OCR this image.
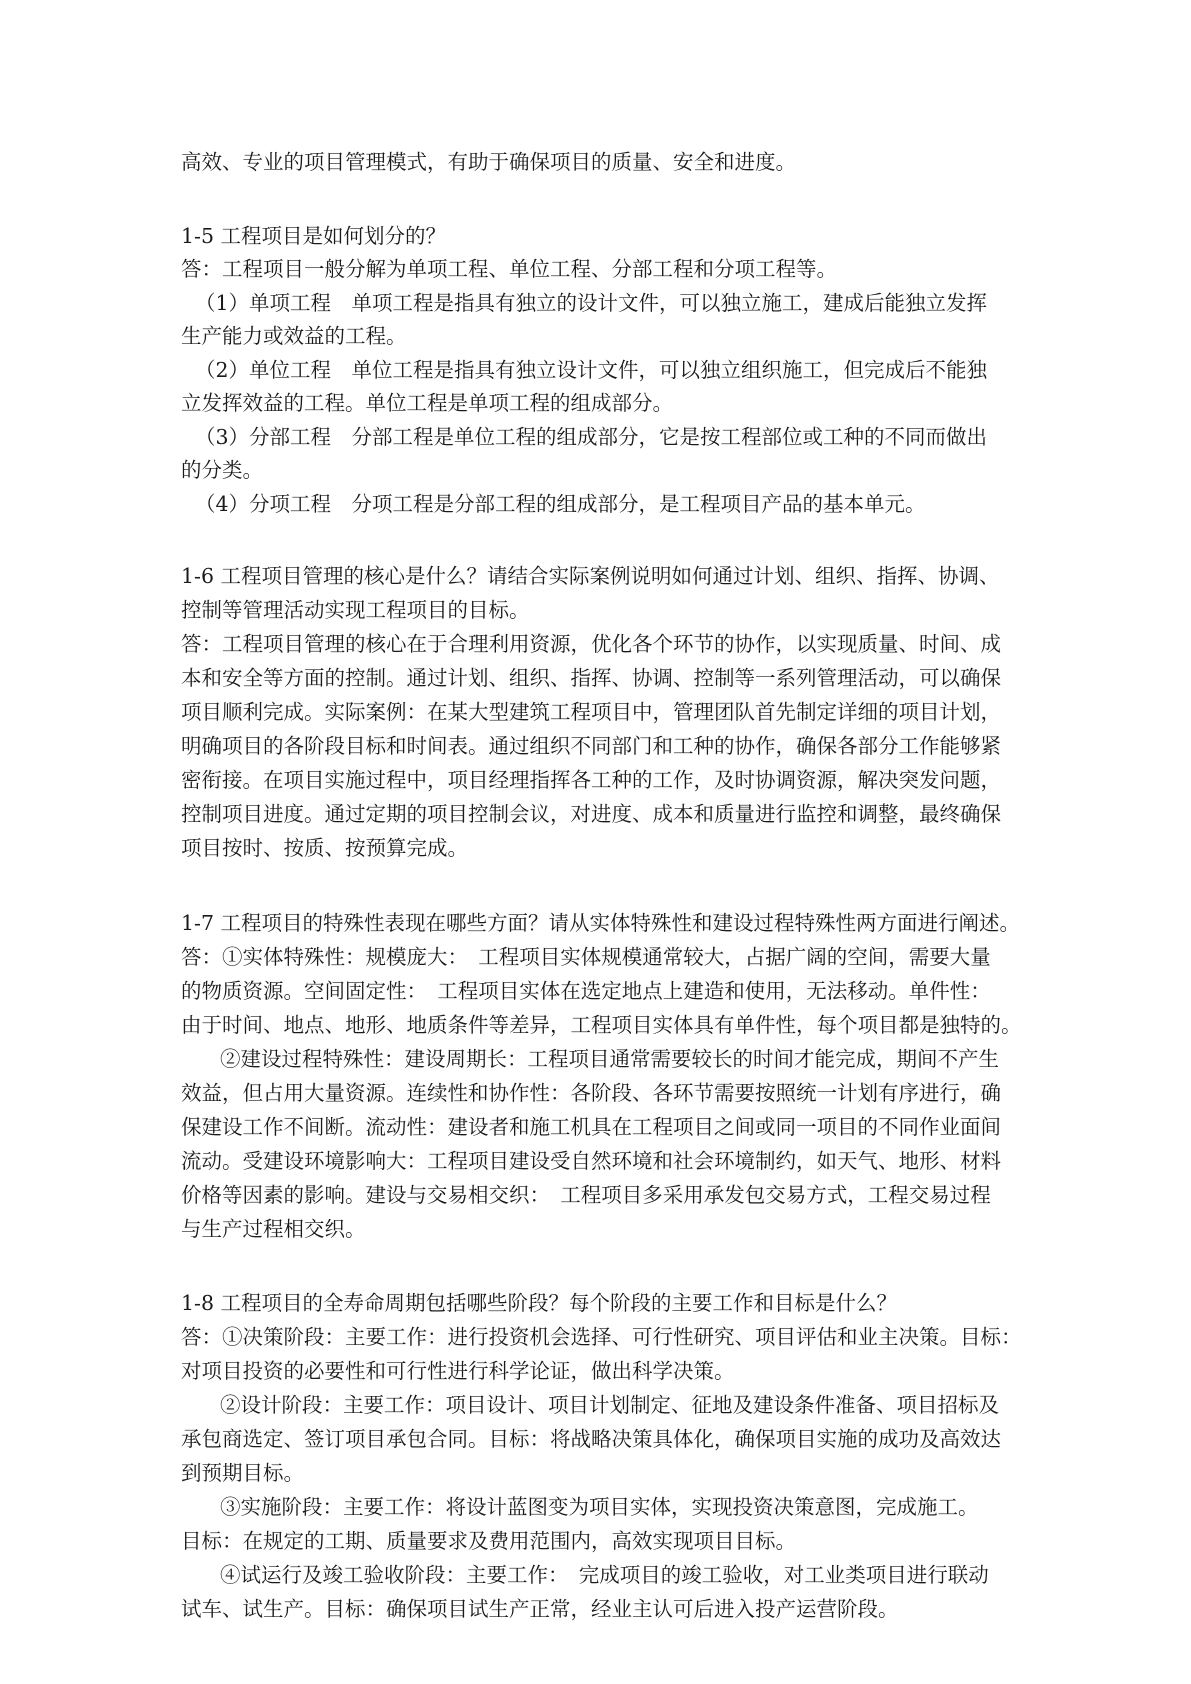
高效、专业的项目管理模式，有助于确保项目的质量、安全和进度。
1-5 工程项目是如何划分的？
答：工程项目一般分解为单项工程、单位工程、分部工程和分项工程等。
（1）单项工程　单项工程是指具有独立的设计文件，可以独立施工，建成后能独立发挥
生产能力或效益的工程。
（2）单位工程　单位工程是指具有独立设计文件，可以独立组织施工，但完成后不能独
立发挥效益的工程。单位工程是单项工程的组成部分。
（3）分部工程　分部工程是单位工程的组成部分，它是按工程部位或工种的不同而做出
的分类。
（4）分项工程　分项工程是分部工程的组成部分，是工程项目产品的基本单元。
1-6 工程项目管理的核心是什么？请结合实际案例说明如何通过计划、组织、指挥、协调、
控制等管理活动实现工程项目的目标。
答：工程项目管理的核心在于合理利用资源，优化各个环节的协作，以实现质量、时间、成
本和安全等方面的控制。通过计划、组织、指挥、协调、控制等一系列管理活动，可以确保
项目顺利完成。实际案例：在某大型建筑工程项目中，管理团队首先制定详细的项目计划，
明确项目的各阶段目标和时间表。通过组织不同部门和工种的协作，确保各部分工作能够紧
密衔接。在项目实施过程中，项目经理指挥各工种的工作，及时协调资源，解决突发问题，
控制项目进度。通过定期的项目控制会议，对进度、成本和质量进行监控和调整，最终确保
项目按时、按质、按预算完成。
1-7 工程项目的特殊性表现在哪些方面？请从实体特殊性和建设过程特殊性两方面进行阐述。
答：①实体特殊性：规模庞大：　工程项目实体规模通常较大，占据广阔的空间，需要大量
的物质资源。空间固定性：　工程项目实体在选定地点上建造和使用，无法移动。单件性：
由于时间、地点、地形、地质条件等差异，工程项目实体具有单件性，每个项目都是独特的。
②建设过程特殊性：建设周期长：工程项目通常需要较长的时间才能完成，期间不产生
效益，但占用大量资源。连续性和协作性：各阶段、各环节需要按照统一计划有序进行，确
保建设工作不间断。流动性：建设者和施工机具在工程项目之间或同一项目的不同作业面间
流动。受建设环境影响大：工程项目建设受自然环境和社会环境制约，如天气、地形、材料
价格等因素的影响。建设与交易相交织：　工程项目多采用承发包交易方式，工程交易过程
与生产过程相交织。
1-8 工程项目的全寿命周期包括哪些阶段？每个阶段的主要工作和目标是什么？
答：①决策阶段：主要工作：进行投资机会选择、可行性研究、项目评估和业主决策。目标：
对项目投资的必要性和可行性进行科学论证，做出科学决策。
②设计阶段：主要工作：项目设计、项目计划制定、征地及建设条件准备、项目招标及
承包商选定、签订项目承包合同。目标：将战略决策具体化，确保项目实施的成功及高效达
到预期目标。
③实施阶段：主要工作：将设计蓝图变为项目实体，实现投资决策意图，完成施工。
目标：在规定的工期、质量要求及费用范围内，高效实现项目目标。
④试运行及竣工验收阶段：主要工作：　完成项目的竣工验收，对工业类项目进行联动
试车、试生产。目标：确保项目试生产正常，经业主认可后进入投产运营阶段。
